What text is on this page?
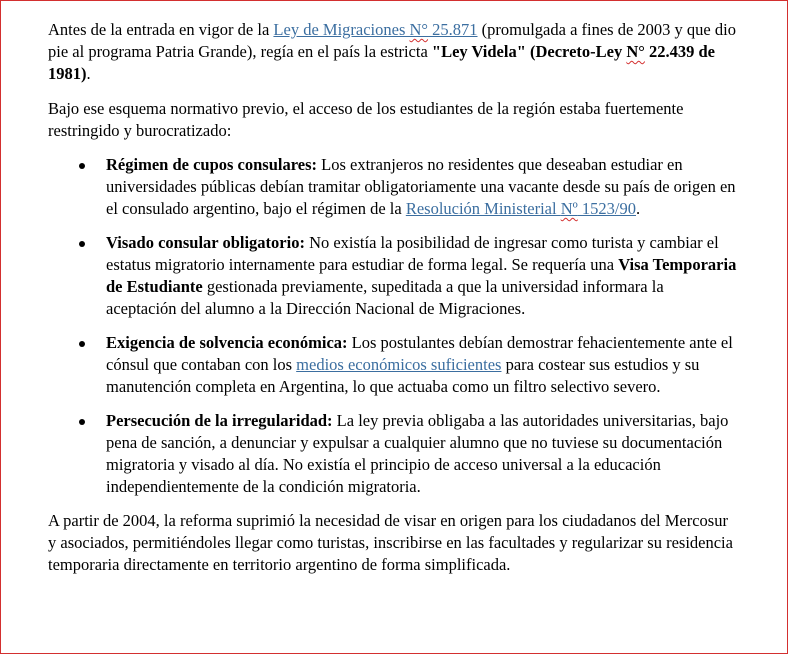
Antes de la entrada en vigor de la Ley de Migraciones N° 25.871 (promulgada a fines de 2003 y que dio pie al programa Patria Grande), regía en el país la estricta "Ley Videla" (Decreto-Ley N° 22.439 de 1981).

Bajo ese esquema normativo previo, el acceso de los estudiantes de la región estaba fuertemente restringido y burocratizado:

Régimen de cupos consulares: Los extranjeros no residentes que deseaban estudiar en universidades públicas debían tramitar obligatoriamente una vacante desde su país de origen en el consulado argentino, bajo el régimen de la Resolución Ministerial Nº 1523/90.
Visado consular obligatorio: No existía la posibilidad de ingresar como turista y cambiar el estatus migratorio internamente para estudiar de forma legal. Se requería una Visa Temporaria de Estudiante gestionada previamente, supeditada a que la universidad informara la aceptación del alumno a la Dirección Nacional de Migraciones.
Exigencia de solvencia económica: Los postulantes debían demostrar fehacientemente ante el cónsul que contaban con los medios económicos suficientes para costear sus estudios y su manutención completa en Argentina, lo que actuaba como un filtro selectivo severo.
Persecución de la irregularidad: La ley previa obligaba a las autoridades universitarias, bajo pena de sanción, a denunciar y expulsar a cualquier alumno que no tuviese su documentación migratoria y visado al día. No existía el principio de acceso universal a la educación independientemente de la condición migratoria.

A partir de 2004, la reforma suprimió la necesidad de visar en origen para los ciudadanos del Mercosur y asociados, permitiéndoles llegar como turistas, inscribirse en las facultades y regularizar su residencia temporaria directamente en territorio argentino de forma simplificada.
